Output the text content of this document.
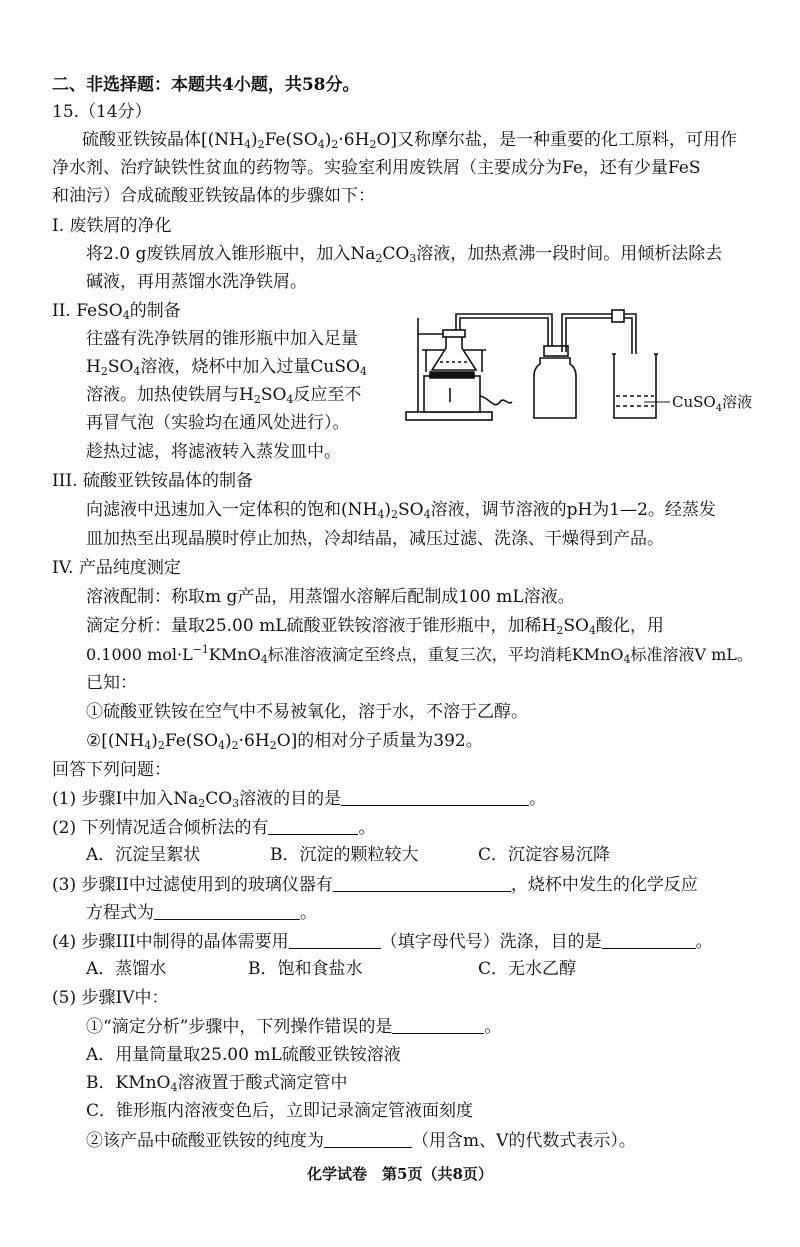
二、非选择题：本题共4小题，共58分。
15.（14分）
硫酸亚铁铵晶体$[(NH_4)_2Fe(SO_4)_2\cdot 6H_2O]$又称摩尔盐，是一种重要的化工原料，可用作
净水剂、治疗缺铁性贫血的药物等。实验室利用废铁屑（主要成分为Fe，还有少量FeS
和油污）合成硫酸亚铁铵晶体的步骤如下：
I. 废铁屑的净化
将2.0 g废铁屑放入锥形瓶中，加入$Na_2CO_3$溶液，加热煮沸一段时间。用倾析法除去
碱液，再用蒸馏水洗净铁屑。
II. FeSO$_4$的制备
往盛有洗净铁屑的锥形瓶中加入足量
$H_2SO_4$溶液，烧杯中加入过量CuSO$_4$
溶液。加热使铁屑与$H_2SO_4$反应至不
再冒气泡（实验均在通风处进行）。
趁热过滤，将滤液转入蒸发皿中。
CuSO$_4$溶液
III. 硫酸亚铁铵晶体的制备
向滤液中迅速加入一定体积的饱和$(NH_4)_2SO_4$溶液，调节溶液的pH为1—2。经蒸发
皿加热至出现晶膜时停止加热，冷却结晶，减压过滤、洗涤、干燥得到产品。
IV. 产品纯度测定
溶液配制：称取m g产品，用蒸馏水溶解后配制成100 mL溶液。
滴定分析：量取25.00 mL硫酸亚铁铵溶液于锥形瓶中，加稀$H_2SO_4$酸化，用
0.1000 $mol\cdot L^{-1}KMnO_4$标准溶液滴定至终点，重复三次，平均消耗KMnO$_4$标准溶液V mL。
已知：
①硫酸亚铁铵在空气中不易被氧化，溶于水，不溶于乙醇。
$②[(NH_4)_2Fe(SO_4)_2\cdot 6H_2O]$的相对分子质量为392。
回答下列问题：
(1) 步骤I中加入$Na_2CO_3$溶液的目的是	。
(2) 下列情况适合倾析法的有	。
A．沉淀呈絮状	B．沉淀的颗粒较大	C．沉淀容易沉降
(3) 步骤II中过滤使用到的玻璃仪器有	，烧杯中发生的化学反应
方程式为	。
(4) 步骤III中制得的晶体需要用	（填字母代号）洗涤，目的是	。
A．蒸馏水	B．饱和食盐水	C．无水乙醇
(5) 步骤IV中：
①“滴定分析”步骤中，下列操作错误的是	。
A．用量筒量取25.00 mL硫酸亚铁铵溶液
B．KMnO$_4$溶液置于酸式滴定管中
C．锥形瓶内溶液变色后，立即记录滴定管液面刻度
②该产品中硫酸亚铁铵的纯度为	（用含m、V的代数式表示）。
化学试卷　第5页（共8页）
